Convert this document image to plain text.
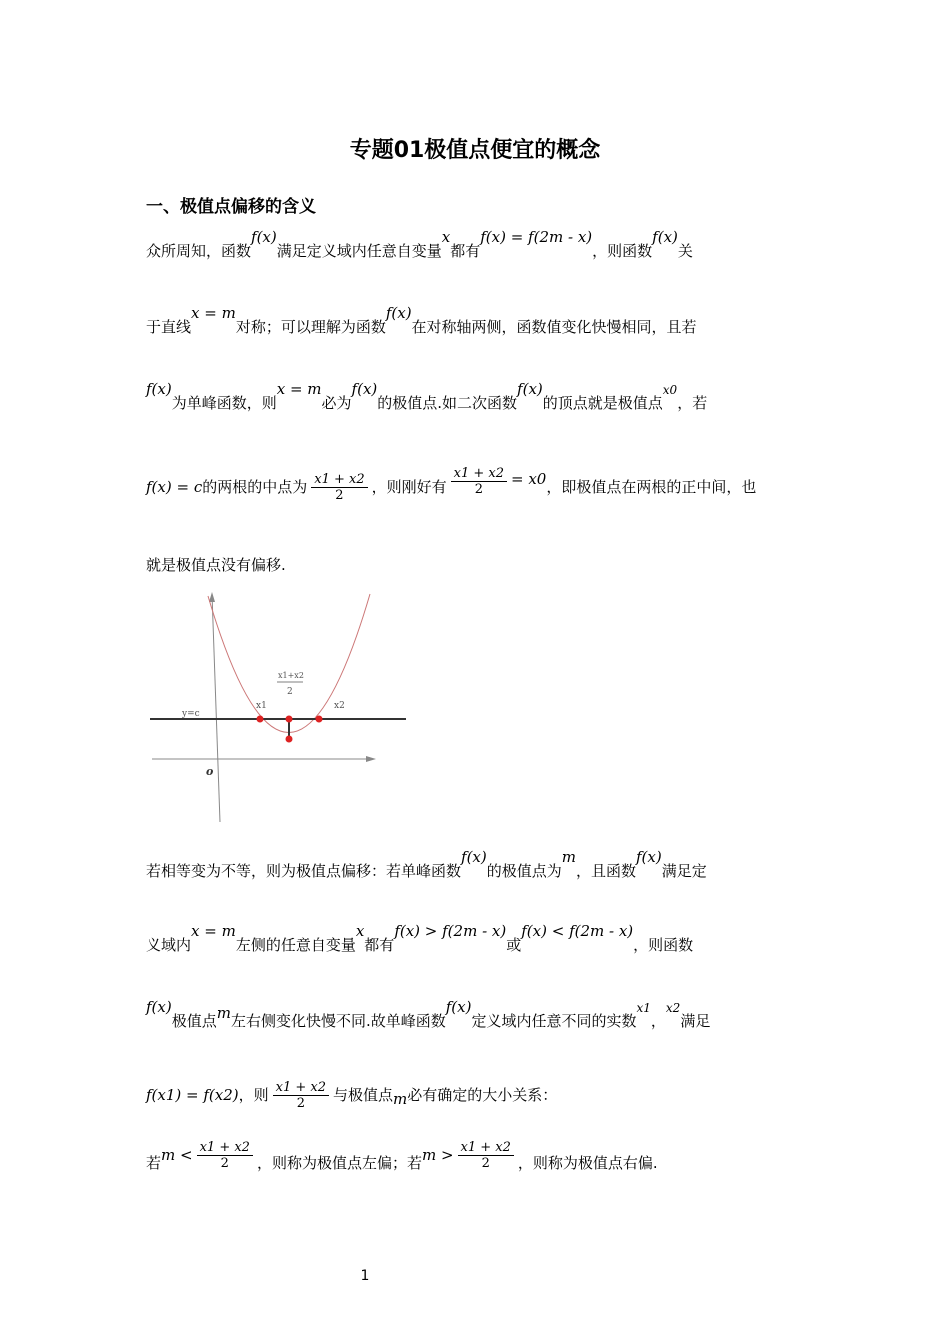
专题01极值点便宜的概念
一、极值点偏移的含义
众所周知，函数f(x)满足定义域内任意自变量x都有f(x) = f(2m - x)，则函数f(x)关
于直线x = m对称；可以理解为函数f(x)在对称轴两侧，函数值变化快慢相同，且若
f(x)为单峰函数，则x = m必为f(x)的极值点.如二次函数f(x)的顶点就是极值点$^{x0}$，若
f(x) = c的两根的中点为 $\frac{x1 + x2}{2}$ ，则刚好有 $\frac{x1 + x2}{2} = x0$，即极值点在两根的正中间，也
就是极值点没有偏移.
y=c
x1	x2
x1+x2
2
o
若相等变为不等，则为极值点偏移：若单峰函数f(x)的极值点为m，且函数f(x)满足定
义域内x = m左侧的任意自变量x都有f(x) > f(2m - x)或f(x) < f(2m - x)，则函数
f(x)极值点m左右侧变化快慢不同.故单峰函数f(x)定义域内任意不同的实数$^{x1}$，$^{x2}$满足
f(x1) = f(x2)，则 $\frac{x1 + x2}{2}$ 与极值点m必有确定的大小关系：
若$m < \frac{x1 + x2}{2}$ ，则称为极值点左偏；若$m > \frac{x1 + x2}{2}$ ，则称为极值点右偏.
1
